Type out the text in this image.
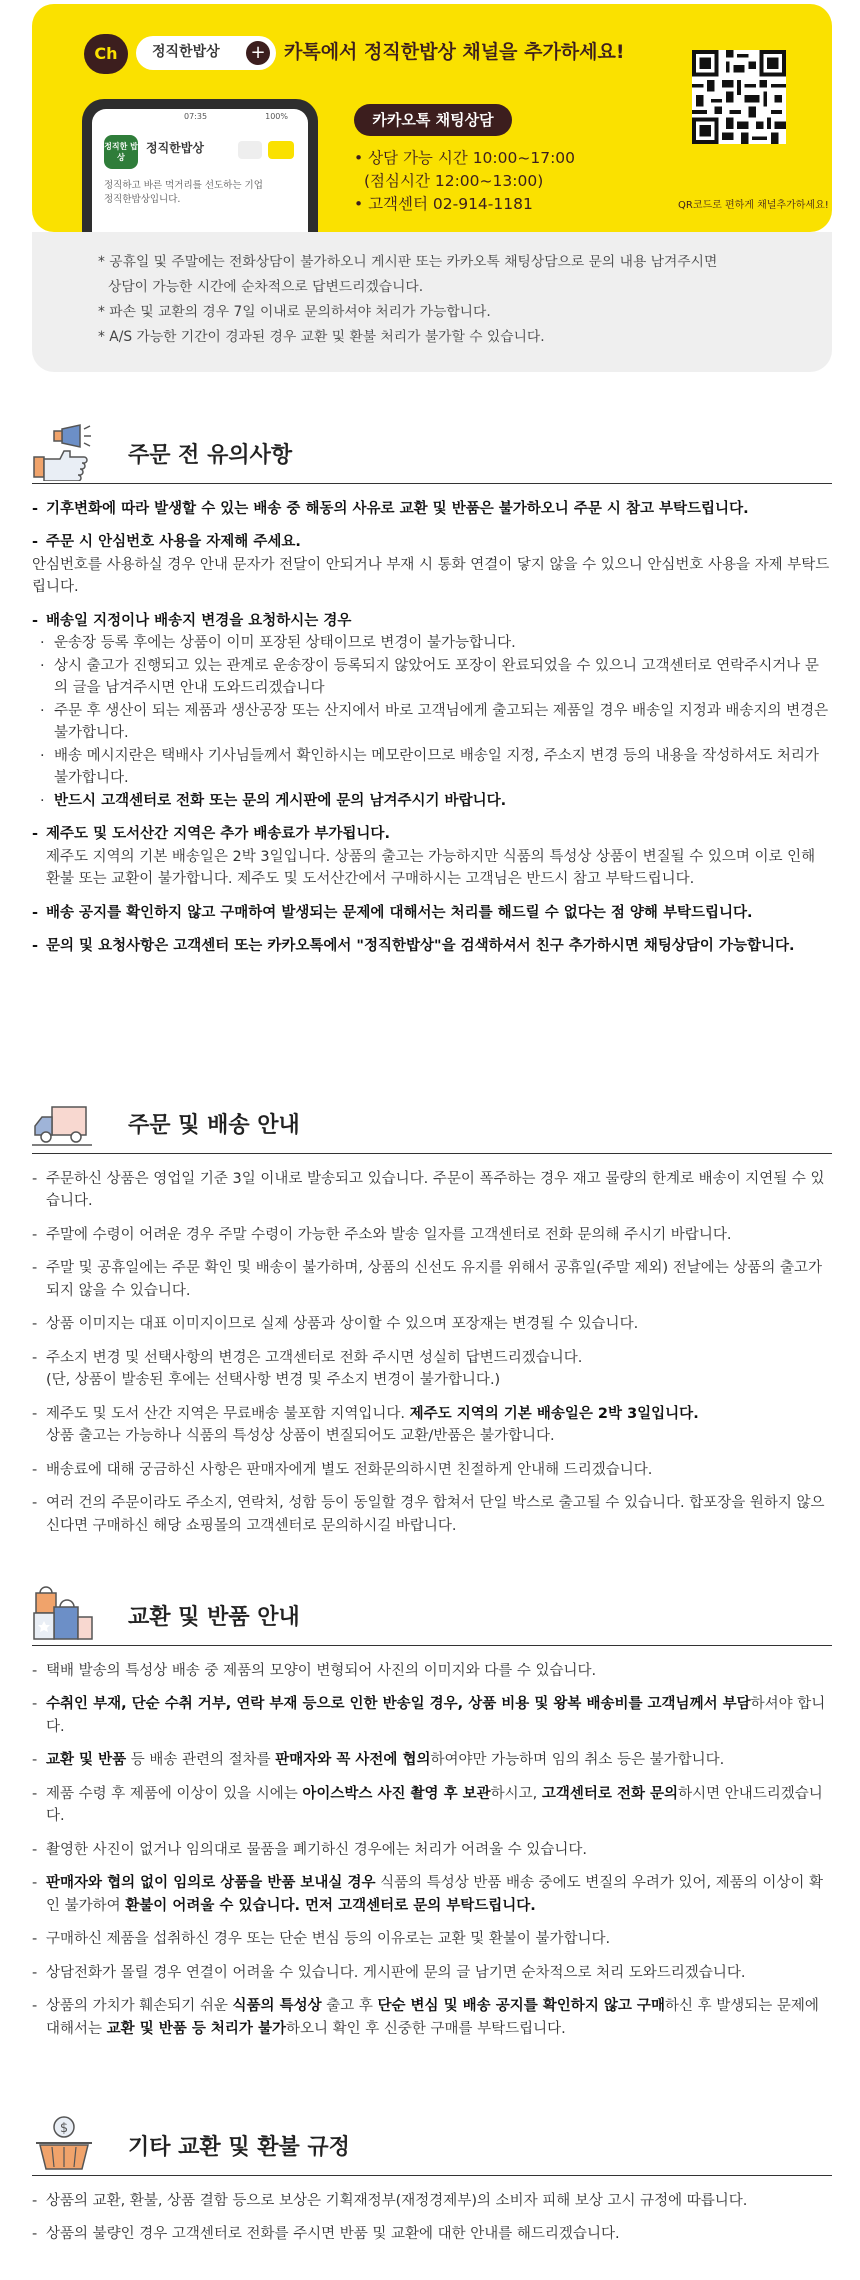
Ch	정직한밥상 + 카톡에서 정직한밥상 채널을 추가하세요!
07:35	100%
정직한 밥 상
정직한밥상
정직하고 바른 먹거리를 선도하는 기업
정직한밥상입니다.
카카오톡 채팅상담
• 상담 가능 시간 10:00~17:00
(점심시간 12:00~13:00)
• 고객센터 02-914-1181	QR코드로 편하게 채널추가하세요!
* 공휴일 및 주말에는 전화상담이 불가하오니 게시판 또는 카카오톡 채팅상담으로 문의 내용 남겨주시면
상담이 가능한 시간에 순차적으로 답변드리겠습니다.
* 파손 및 교환의 경우 7일 이내로 문의하셔야 처리가 가능합니다.
* A/S 가능한 기간이 경과된 경우 교환 및 환불 처리가 불가할 수 있습니다.
주문 전 유의사항
- 기후변화에 따라 발생할 수 있는 배송 중 해동의 사유로 교환 및 반품은 불가하오니 주문 시 참고 부탁드립니다.
- 주문 시 안심번호 사용을 자제해 주세요.
안심번호를 사용하실 경우 안내 문자가 전달이 안되거나 부재 시 통화 연결이 닿지 않을 수 있으니 안심번호 사용을 자제 부탁드립니다.
- 배송일 지정이나 배송지 변경을 요청하시는 경우
· 운송장 등록 후에는 상품이 이미 포장된 상태이므로 변경이 불가능합니다.
· 상시 출고가 진행되고 있는 관계로 운송장이 등록되지 않았어도 포장이 완료되었을 수 있으니 고객센터로 연락주시거나 문의 글을 남겨주시면 안내 도와드리겠습니다
· 주문 후 생산이 되는 제품과 생산공장 또는 산지에서 바로 고객님에게 출고되는 제품일 경우 배송일 지정과 배송지의 변경은 불가합니다.
· 배송 메시지란은 택배사 기사님들께서 확인하시는 메모란이므로 배송일 지정, 주소지 변경 등의 내용을 작성하셔도 처리가 불가합니다.
· 반드시 고객센터로 전화 또는 문의 게시판에 문의 남겨주시기 바랍니다.
- 제주도 및 도서산간 지역은 추가 배송료가 부가됩니다.
제주도 지역의 기본 배송일은 2박 3일입니다. 상품의 출고는 가능하지만 식품의 특성상 상품이 변질될 수 있으며 이로 인해 환불 또는 교환이 불가합니다. 제주도 및 도서산간에서 구매하시는 고객님은 반드시 참고 부탁드립니다.
- 배송 공지를 확인하지 않고 구매하여 발생되는 문제에 대해서는 처리를 해드릴 수 없다는 점 양해 부탁드립니다.
- 문의 및 요청사항은 고객센터 또는 카카오톡에서 "정직한밥상"을 검색하셔서 친구 추가하시면 채팅상담이 가능합니다.
주문 및 배송 안내
- 주문하신 상품은 영업일 기준 3일 이내로 발송되고 있습니다. 주문이 폭주하는 경우 재고 물량의 한계로 배송이 지연될 수 있습니다.
- 주말에 수령이 어려운 경우 주말 수령이 가능한 주소와 발송 일자를 고객센터로 전화 문의해 주시기 바랍니다.
- 주말 및 공휴일에는 주문 확인 및 배송이 불가하며, 상품의 신선도 유지를 위해서 공휴일(주말 제외) 전날에는 상품의 출고가 되지 않을 수 있습니다.
- 상품 이미지는 대표 이미지이므로 실제 상품과 상이할 수 있으며 포장재는 변경될 수 있습니다.
- 주소지 변경 및 선택사항의 변경은 고객센터로 전화 주시면 성실히 답변드리겠습니다.
(단, 상품이 발송된 후에는 선택사항 변경 및 주소지 변경이 불가합니다.)
- 제주도 및 도서 산간 지역은 무료배송 불포함 지역입니다. 제주도 지역의 기본 배송일은 2박 3일입니다.
상품 출고는 가능하나 식품의 특성상 상품이 변질되어도 교환/반품은 불가합니다.
- 배송료에 대해 궁금하신 사항은 판매자에게 별도 전화문의하시면 친절하게 안내해 드리겠습니다.
- 여러 건의 주문이라도 주소지, 연락처, 성함 등이 동일할 경우 합쳐서 단일 박스로 출고될 수 있습니다. 합포장을 원하지 않으신다면 구매하신 해당 쇼핑몰의 고객센터로 문의하시길 바랍니다.
교환 및 반품 안내
- 택배 발송의 특성상 배송 중 제품의 모양이 변형되어 사진의 이미지와 다를 수 있습니다.
- 수취인 부재, 단순 수취 거부, 연락 부재 등으로 인한 반송일 경우, 상품 비용 및 왕복 배송비를 고객님께서 부담하셔야 합니다.
- 교환 및 반품 등 배송 관련의 절차를 판매자와 꼭 사전에 협의하여야만 가능하며 임의 취소 등은 불가합니다.
- 제품 수령 후 제품에 이상이 있을 시에는 아이스박스 사진 촬영 후 보관하시고, 고객센터로 전화 문의하시면 안내드리겠습니다.
- 촬영한 사진이 없거나 임의대로 물품을 폐기하신 경우에는 처리가 어려울 수 있습니다.
- 판매자와 협의 없이 임의로 상품을 반품 보내실 경우 식품의 특성상 반품 배송 중에도 변질의 우려가 있어, 제품의 이상이 확인 불가하여 환불이 어려울 수 있습니다. 먼저 고객센터로 문의 부탁드립니다.
- 구매하신 제품을 섭취하신 경우 또는 단순 변심 등의 이유로는 교환 및 환불이 불가합니다.
- 상담전화가 몰릴 경우 연결이 어려울 수 있습니다. 게시판에 문의 글 남기면 순차적으로 처리 도와드리겠습니다.
- 상품의 가치가 훼손되기 쉬운 식품의 특성상 출고 후 단순 변심 및 배송 공지를 확인하지 않고 구매하신 후 발생되는 문제에 대해서는 교환 및 반품 등 처리가 불가하오니 확인 후 신중한 구매를 부탁드립니다.
$
기타 교환 및 환불 규정
- 상품의 교환, 환불, 상품 결함 등으로 보상은 기획재정부(재정경제부)의 소비자 피해 보상 고시 규정에 따릅니다.
- 상품의 불량인 경우 고객센터로 전화를 주시면 반품 및 교환에 대한 안내를 해드리겠습니다.
